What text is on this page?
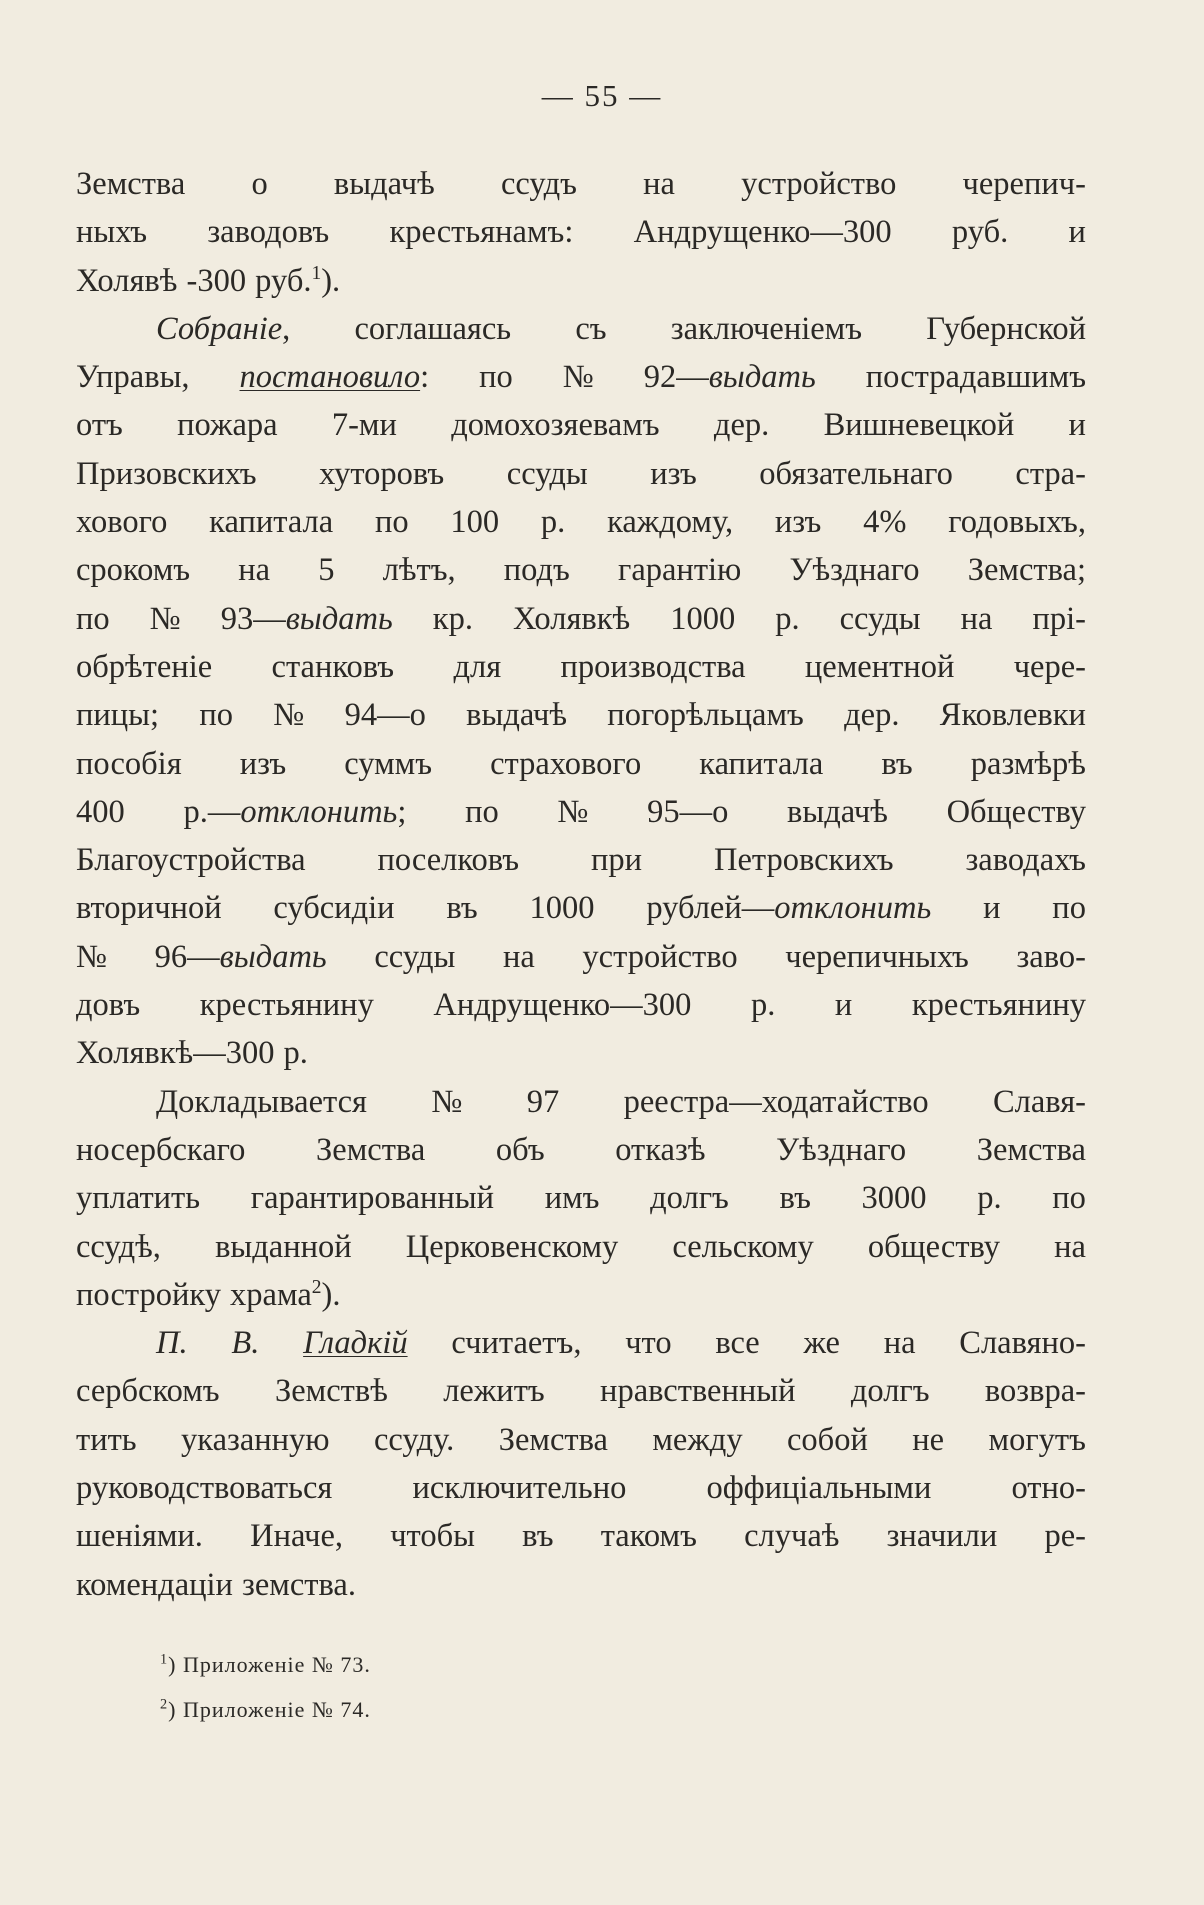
— 55 —
Земства о выдачѣ ссудъ на устройство черепич-
ныхъ заводовъ крестьянамъ: Андрущенко—300 руб. и
Холявѣ -300 руб.$^1$).
Собраніе, соглашаясь съ заключеніемъ Губернской
Управы, постановило: по № 92—выдать пострадавшимъ
отъ пожара 7-ми домохозяевамъ дер. Вишневецкой и
Призовскихъ хуторовъ ссуды изъ обязательнаго стра-
хового капитала по 100 р. каждому, изъ 4% годовыхъ,
срокомъ на 5 лѣтъ, подъ гарантію Уѣзднаго Земства;
по № 93—выдать кр. Холявкѣ 1000 р. ссуды на прі-
обрѣтеніе станковъ для производства цементной чере-
пицы; по № 94—о выдачѣ погорѣльцамъ дер. Яковлевки
пособія изъ суммъ страхового капитала въ размѣрѣ
400 р.—отклонить; по № 95—о выдачѣ Обществу
Благоустройства поселковъ при Петровскихъ заводахъ
вторичной субсидіи въ 1000 рублей—отклонить и по
№ 96—выдать ссуды на устройство черепичныхъ заво-
довъ крестьянину Андрущенко—300 р. и крестьянину
Холявкѣ—300 р.
Докладывается № 97 реестра—ходатайство Славя-
носербскаго Земства объ отказѣ Уѣзднаго Земства
уплатить гарантированный имъ долгъ въ 3000 р. по
ссудѣ, выданной Церковенскому сельскому обществу на
постройку храма$^2$).
П. В. Гладкій считаетъ, что все же на Славяно-
сербскомъ Земствѣ лежитъ нравственный долгъ возвра-
тить указанную ссуду. Земства между собой не могутъ
руководствоваться исключительно оффиціальными отно-
шеніями. Иначе, чтобы въ такомъ случаѣ значили ре-
комендаціи земства.
$^1$) Приложеніе № 73.
$^2$) Приложеніе № 74.
